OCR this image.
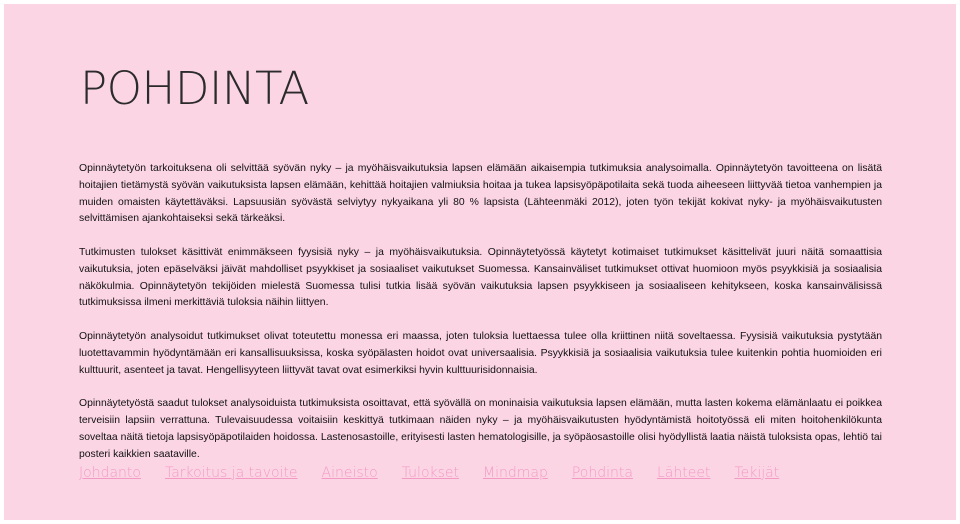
POHDINTA

Opinnäytetyön tarkoituksena oli selvittää syövän nyky – ja myöhäisvaikutuksia lapsen elämään aikaisempia tutkimuksia analysoimalla. Opinnäytetyön tavoitteena on lisätä hoitajien tietämystä syövän vaikutuksista lapsen elämään, kehittää hoitajien valmiuksia hoitaa ja tukea lapsisyöpäpotilaita sekä tuoda aiheeseen liittyvää tietoa vanhempien ja muiden omaisten käytettäväksi. Lapsuusiän syövästä selviytyy nykyaikana yli 80 % lapsista (Lähteenmäki 2012), joten työn tekijät kokivat nyky- ja myöhäisvaikutusten selvittämisen ajankohtaiseksi sekä tärkeäksi.

Tutkimusten tulokset käsittivät enimmäkseen fyysisiä nyky – ja myöhäisvaikutuksia. Opinnäytetyössä käytetyt kotimaiset tutkimukset käsittelivät juuri näitä somaattisia vaikutuksia, joten epäselväksi jäivät mahdolliset psyykkiset ja sosiaaliset vaikutukset Suomessa. Kansainväliset tutkimukset ottivat huomioon myös psyykkisiä ja sosiaalisia näkökulmia. Opinnäytetyön tekijöiden mielestä Suomessa tulisi tutkia lisää syövän vaikutuksia lapsen psyykkiseen ja sosiaaliseen kehitykseen, koska kansainvälisissä tutkimuksissa ilmeni merkittäviä tuloksia näihin liittyen.

Opinnäytetyön analysoidut tutkimukset olivat toteutettu monessa eri maassa, joten tuloksia luettaessa tulee olla kriittinen niitä soveltaessa. Fyysisiä vaikutuksia pystytään luotettavammin hyödyntämään eri kansallisuuksissa, koska syöpälasten hoidot ovat universaalisia. Psyykkisiä ja sosiaalisia vaikutuksia tulee kuitenkin pohtia huomioiden eri kulttuurit, asenteet ja tavat. Hengellisyyteen liittyvät tavat ovat esimerkiksi hyvin kulttuurisidonnaisia.

Opinnäytetyöstä saadut tulokset analysoiduista tutkimuksista osoittavat, että syövällä on moninaisia vaikutuksia lapsen elämään, mutta lasten kokema elämänlaatu ei poikkea terveisiin lapsiin verrattuna. Tulevaisuudessa voitaisiin keskittyä tutkimaan näiden nyky – ja myöhäisvaikutusten hyödyntämistä hoitotyössä eli miten hoitohenkilökunta soveltaa näitä tietoja lapsisyöpäpotilaiden hoidossa. Lastenosastoille, erityisesti lasten hematologisille, ja syöpäosastoille olisi hyödyllistä laatia näistä tuloksista opas, lehtiö tai posteri kaikkien saataville.

Johdanto Tarkoitus ja tavoite Aineisto Tulokset Mindmap Pohdinta Lähteet Tekijät
